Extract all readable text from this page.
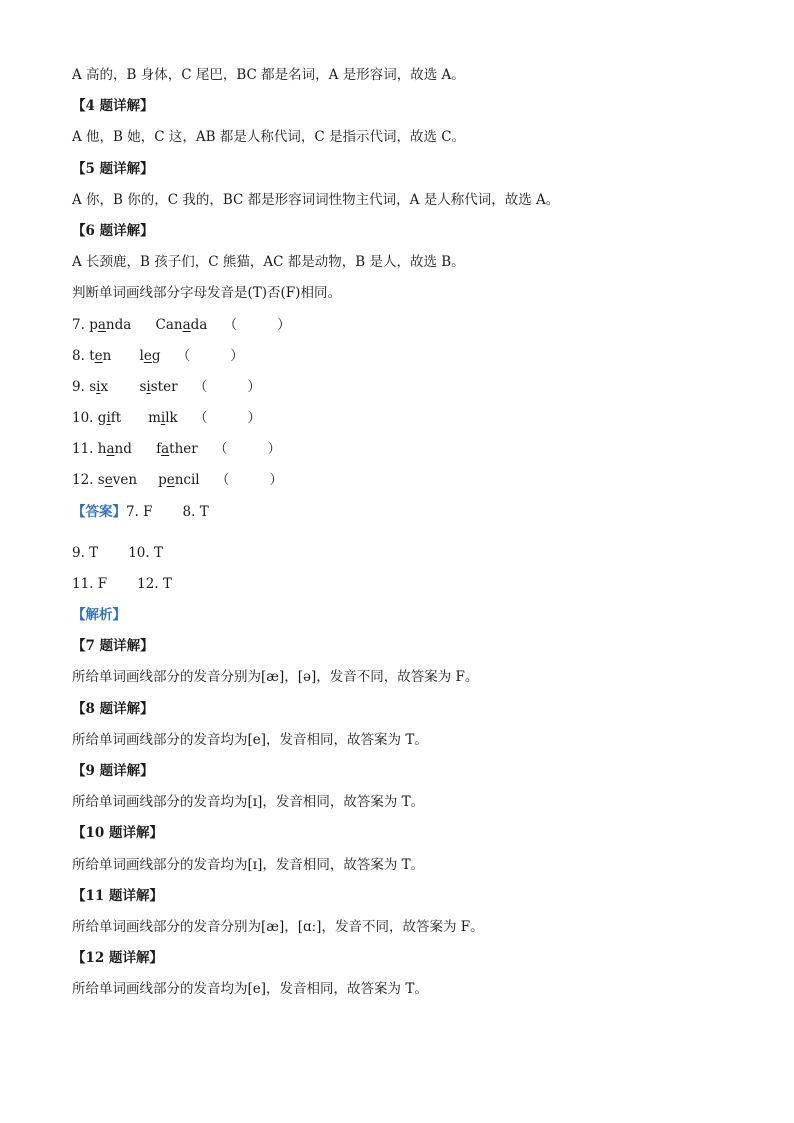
A 高的，B 身体，C 尾巴，BC 都是名词，A 是形容词，故选 A。
【4 题详解】
A 他，B 她，C 这，AB 都是人称代词，C 是指示代词，故选 C。
【5 题详解】
A 你，B 你的，C 我的，BC 都是形容词词性物主代词，A 是人称代词，故选 A。
【6 题详解】
A 长颈鹿，B 孩子们，C 熊猫，AC 都是动物，B 是人，故选 B。
判断单词画线部分字母发音是(T)否(F)相同。
7. panda Canada （	）
8. ten leg （	）
9. six sister （	）
10. gift milk （	）
11. hand father （	）
12. seven pencil （	）
【答案】7. F 8. T
9. T 10. T
11. F 12. T
【解析】
【7 题详解】
所给单词画线部分的发音分别为[æ]，[ə]，发音不同，故答案为 F。
【8 题详解】
所给单词画线部分的发音均为[e]，发音相同，故答案为 T。
【9 题详解】
所给单词画线部分的发音均为[ɪ]，发音相同，故答案为 T。
【10 题详解】
所给单词画线部分的发音均为[ɪ]，发音相同，故答案为 T。
【11 题详解】
所给单词画线部分的发音分别为[æ]，[ɑː]，发音不同，故答案为 F。
【12 题详解】
所给单词画线部分的发音均为[e]，发音相同，故答案为 T。
